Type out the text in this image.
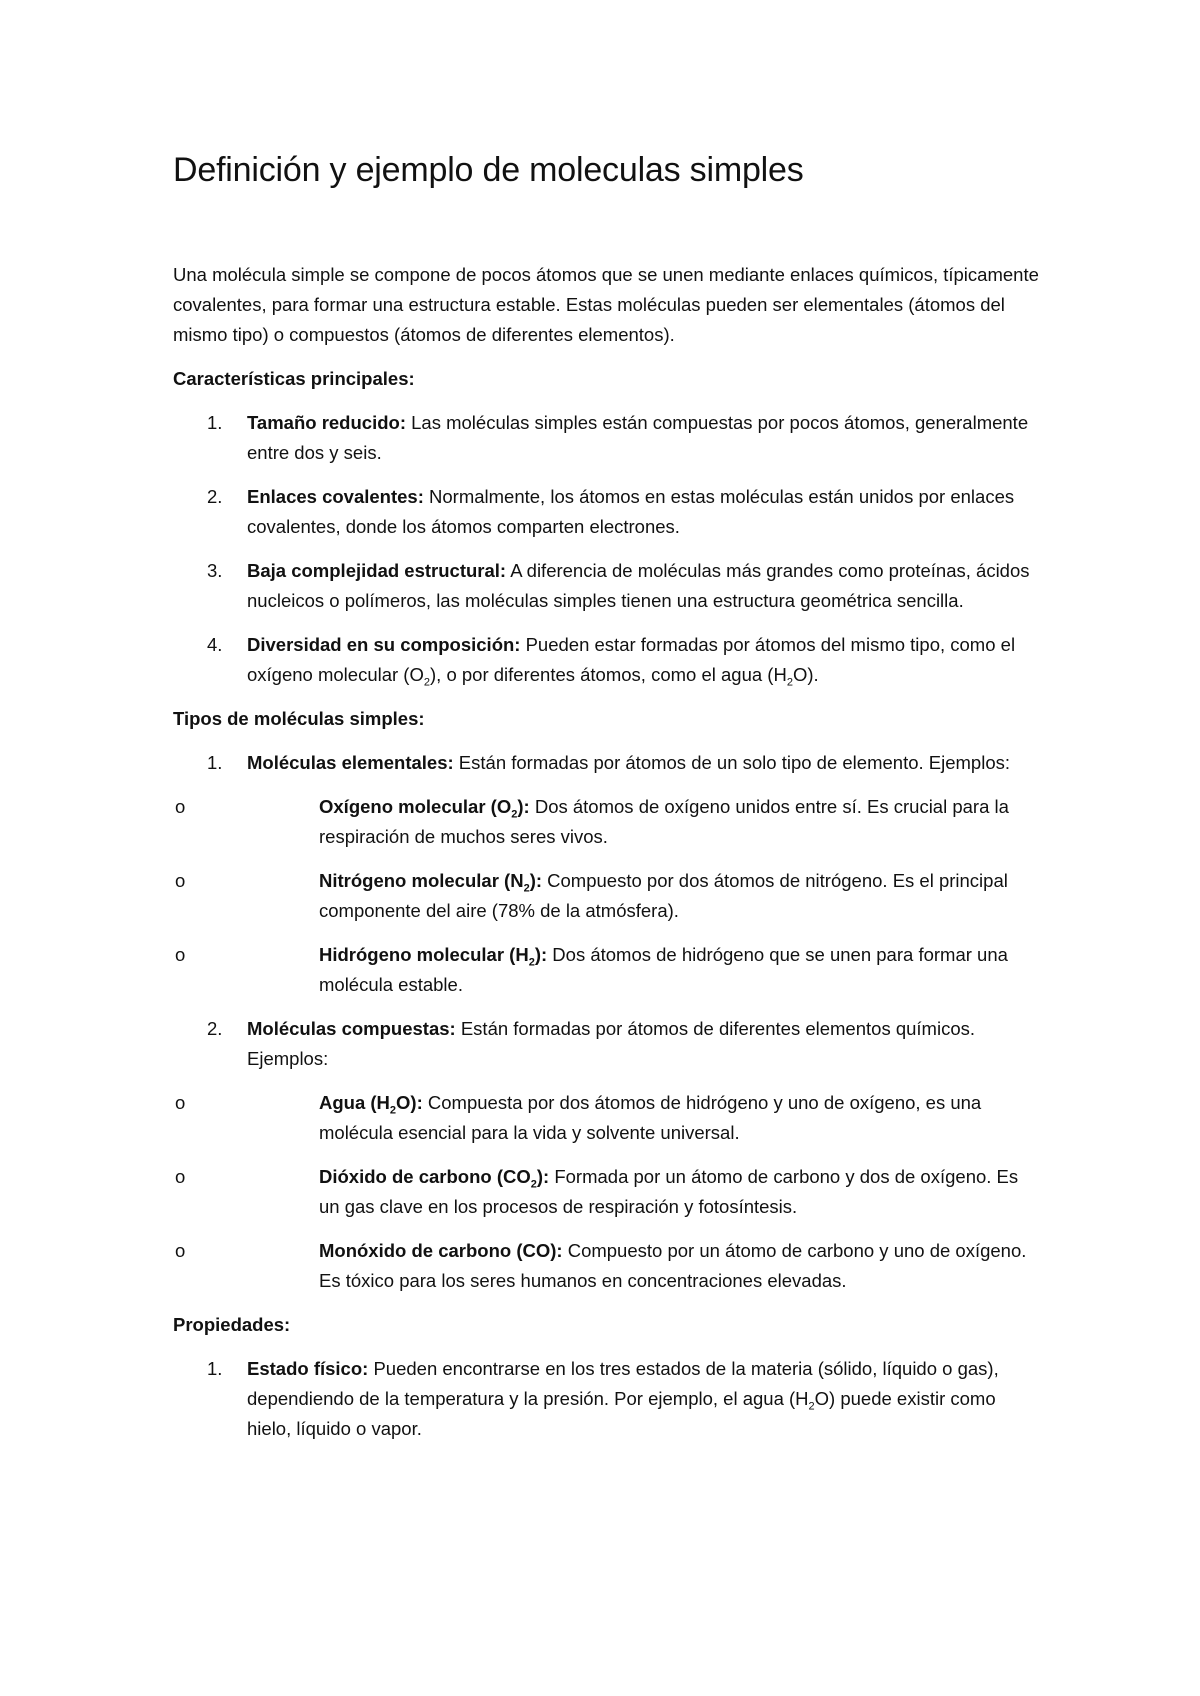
Definición y ejemplo de moleculas simples

Una molécula simple se compone de pocos átomos que se unen mediante enlaces químicos, típicamente covalentes, para formar una estructura estable. Estas moléculas pueden ser elementales (átomos del mismo tipo) o compuestos (átomos de diferentes elementos).

Características principales:

1. Tamaño reducido: Las moléculas simples están compuestas por pocos átomos, generalmente entre dos y seis.
2. Enlaces covalentes: Normalmente, los átomos en estas moléculas están unidos por enlaces covalentes, donde los átomos comparten electrones.
3. Baja complejidad estructural: A diferencia de moléculas más grandes como proteínas, ácidos nucleicos o polímeros, las moléculas simples tienen una estructura geométrica sencilla.
4. Diversidad en su composición: Pueden estar formadas por átomos del mismo tipo, como el oxígeno molecular $(O_2)$, o por diferentes átomos, como el agua $(H_2O)$.

Tipos de moléculas simples:

1. Moléculas elementales: Están formadas por átomos de un solo tipo de elemento. Ejemplos:
o	Oxígeno molecular $(O_2)$: Dos átomos de oxígeno unidos entre sí. Es crucial para la respiración de muchos seres vivos.
o	Nitrógeno molecular $(N_2)$: Compuesto por dos átomos de nitrógeno. Es el principal componente del aire (78% de la atmósfera).
o	Hidrógeno molecular $(H_2)$: Dos átomos de hidrógeno que se unen para formar una molécula estable.
2. Moléculas compuestas: Están formadas por átomos de diferentes elementos químicos. Ejemplos:
o	Agua $(H_2O)$: Compuesta por dos átomos de hidrógeno y uno de oxígeno, es una molécula esencial para la vida y solvente universal.
o	Dióxido de carbono $(CO_2)$: Formada por un átomo de carbono y dos de oxígeno. Es un gas clave en los procesos de respiración y fotosíntesis.
o	Monóxido de carbono (CO): Compuesto por un átomo de carbono y uno de oxígeno. Es tóxico para los seres humanos en concentraciones elevadas.

Propiedades:

1. Estado físico: Pueden encontrarse en los tres estados de la materia (sólido, líquido o gas), dependiendo de la temperatura y la presión. Por ejemplo, el agua $(H_2O)$ puede existir como hielo, líquido o vapor.
